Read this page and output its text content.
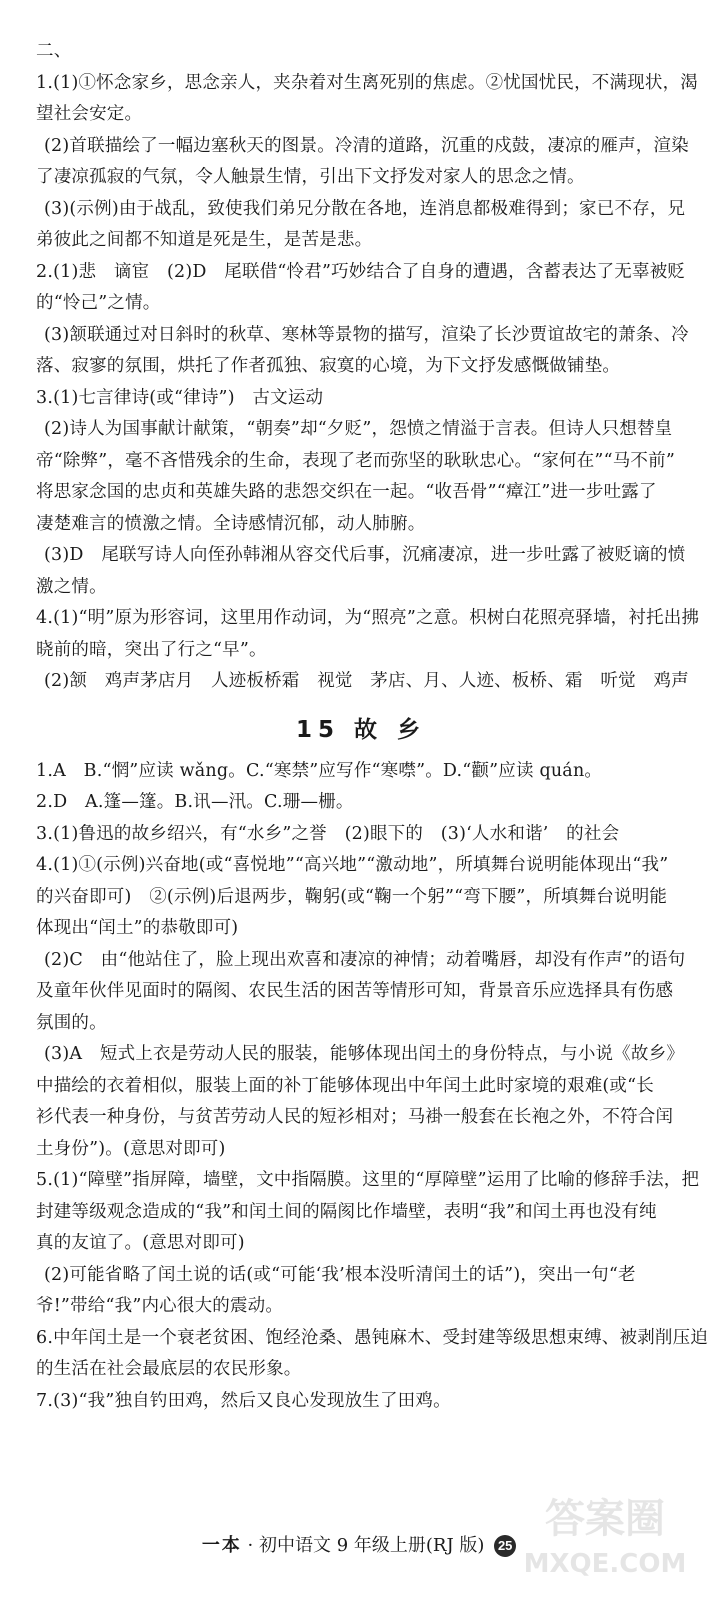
二、
1.(1)①怀念家乡，思念亲人，夹杂着对生离死别的焦虑。②忧国忧民，不满现状，渴
望社会安定。
(2)首联描绘了一幅边塞秋天的图景。冷清的道路，沉重的戍鼓，凄凉的雁声，渲染
了凄凉孤寂的气氛，令人触景生情，引出下文抒发对家人的思念之情。
(3)(示例)由于战乱，致使我们弟兄分散在各地，连消息都极难得到；家已不存，兄
弟彼此之间都不知道是死是生，是苦是悲。
2.(1)悲　谪宦　(2)D　尾联借“怜君”巧妙结合了自身的遭遇，含蓄表达了无辜被贬
的“怜己”之情。
(3)颔联通过对日斜时的秋草、寒林等景物的描写，渲染了长沙贾谊故宅的萧条、冷
落、寂寥的氛围，烘托了作者孤独、寂寞的心境，为下文抒发感慨做铺垫。
3.(1)七言律诗(或“律诗”)　古文运动
(2)诗人为国事献计献策，“朝奏”却“夕贬”，怨愤之情溢于言表。但诗人只想替皇
帝“除弊”，毫不吝惜残余的生命，表现了老而弥坚的耿耿忠心。“家何在”“马不前”
将思家念国的忠贞和英雄失路的悲怨交织在一起。“收吾骨”“瘴江”进一步吐露了
凄楚难言的愤激之情。全诗感情沉郁，动人肺腑。
(3)D　尾联写诗人向侄孙韩湘从容交代后事，沉痛凄凉，进一步吐露了被贬谪的愤
激之情。
4.(1)“明”原为形容词，这里用作动词，为“照亮”之意。枳树白花照亮驿墙，衬托出拂
晓前的暗，突出了行之“早”。
(2)颔　鸡声茅店月　人迹板桥霜　视觉　茅店、月、人迹、板桥、霜　听觉　鸡声
15 故 乡
1.A　B.“惘”应读 wǎng。C.“寒禁”应写作“寒噤”。D.“颧”应读 quán。
2.D　A.篷—篷。B.讯—汛。C.珊—栅。
3.(1)鲁迅的故乡绍兴，有“水乡”之誉　(2)眼下的　(3)‘人水和谐’　的社会
4.(1)①(示例)兴奋地(或“喜悦地”“高兴地”“激动地”，所填舞台说明能体现出“我”
的兴奋即可)　②(示例)后退两步，鞠躬(或“鞠一个躬”“弯下腰”，所填舞台说明能
体现出“闰土”的恭敬即可)
(2)C　由“他站住了，脸上现出欢喜和凄凉的神情；动着嘴唇，却没有作声”的语句
及童年伙伴见面时的隔阂、农民生活的困苦等情形可知，背景音乐应选择具有伤感
氛围的。
(3)A　短式上衣是劳动人民的服装，能够体现出闰土的身份特点，与小说《故乡》
中描绘的衣着相似，服装上面的补丁能够体现出中年闰土此时家境的艰难(或“长
衫代表一种身份，与贫苦劳动人民的短衫相对；马褂一般套在长袍之外，不符合闰
土身份”)。(意思对即可)
5.(1)“障壁”指屏障，墙壁，文中指隔膜。这里的“厚障壁”运用了比喻的修辞手法，把
封建等级观念造成的“我”和闰土间的隔阂比作墙壁，表明“我”和闰土再也没有纯
真的友谊了。(意思对即可)
(2)可能省略了闰土说的话(或“可能‘我’根本没听清闰土的话”)，突出一句“老
爷!”带给“我”内心很大的震动。
6.中年闰土是一个衰老贫困、饱经沧桑、愚钝麻木、受封建等级思想束缚、被剥削压迫
的生活在社会最底层的农民形象。
7.(3)“我”独自钓田鸡，然后又良心发现放生了田鸡。
一本 · 初中语文 9 年级上册(RJ 版) 25
答案圈
MXQE.COM
